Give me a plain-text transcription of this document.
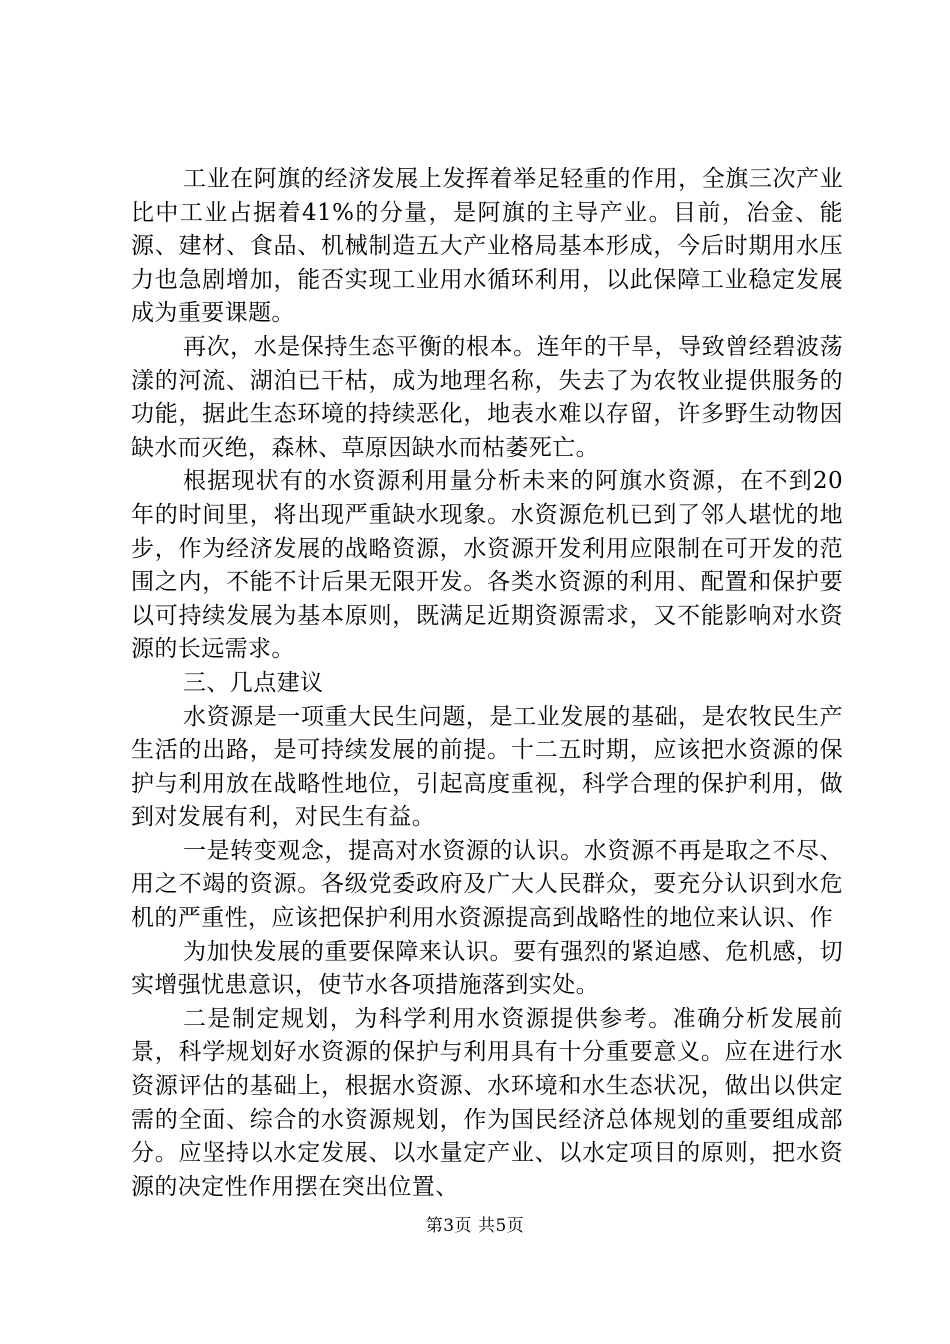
工业在阿旗的经济发展上发挥着举足轻重的作用，全旗三次产业比中工业占据着41%的分量，是阿旗的主导产业。目前，冶金、能源、建材、食品、机械制造五大产业格局基本形成，今后时期用水压力也急剧增加，能否实现工业用水循环利用，以此保障工业稳定发展成为重要课题。

再次，水是保持生态平衡的根本。连年的干旱，导致曾经碧波荡漾的河流、湖泊已干枯，成为地理名称，失去了为农牧业提供服务的功能，据此生态环境的持续恶化，地表水难以存留，许多野生动物因缺水而灭绝，森林、草原因缺水而枯萎死亡。

根据现状有的水资源利用量分析未来的阿旗水资源，在不到20年的时间里，将出现严重缺水现象。水资源危机已到了邻人堪忧的地步，作为经济发展的战略资源，水资源开发利用应限制在可开发的范围之内，不能不计后果无限开发。各类水资源的利用、配置和保护要以可持续发展为基本原则，既满足近期资源需求，又不能影响对水资源的长远需求。

三、几点建议

水资源是一项重大民生问题，是工业发展的基础，是农牧民生产生活的出路，是可持续发展的前提。十二五时期，应该把水资源的保护与利用放在战略性地位，引起高度重视，科学合理的保护利用，做到对发展有利，对民生有益。

一是转变观念，提高对水资源的认识。水资源不再是取之不尽、用之不竭的资源。各级党委政府及广大人民群众，要充分认识到水危机的严重性，应该把保护利用水资源提高到战略性的地位来认识、作

为加快发展的重要保障来认识。要有强烈的紧迫感、危机感，切实增强忧患意识，使节水各项措施落到实处。

二是制定规划，为科学利用水资源提供参考。准确分析发展前景，科学规划好水资源的保护与利用具有十分重要意义。应在进行水资源评估的基础上，根据水资源、水环境和水生态状况，做出以供定需的全面、综合的水资源规划，作为国民经济总体规划的重要组成部分。应坚持以水定发展、以水量定产业、以水定项目的原则，把水资源的决定性作用摆在突出位置、

第3页 共5页
